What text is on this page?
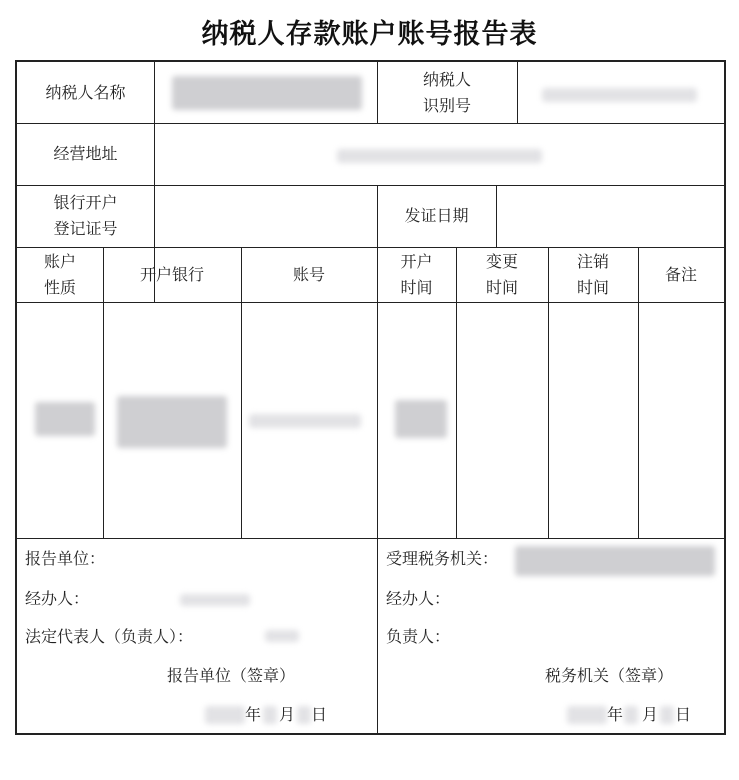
纳税人存款账户账号报告表
纳税人名称
纳税人
识别号
经营地址
银行开户
登记证号
发证日期
账户
性质
开户银行	账号
开户
时间
变更
时间
注销
时间
备注
报告单位：
经办人：
法定代表人（负责人）：
报告单位（签章）
年 月 日
受理税务机关：
经办人：
负责人：
税务机关（签章）
年 月 日
